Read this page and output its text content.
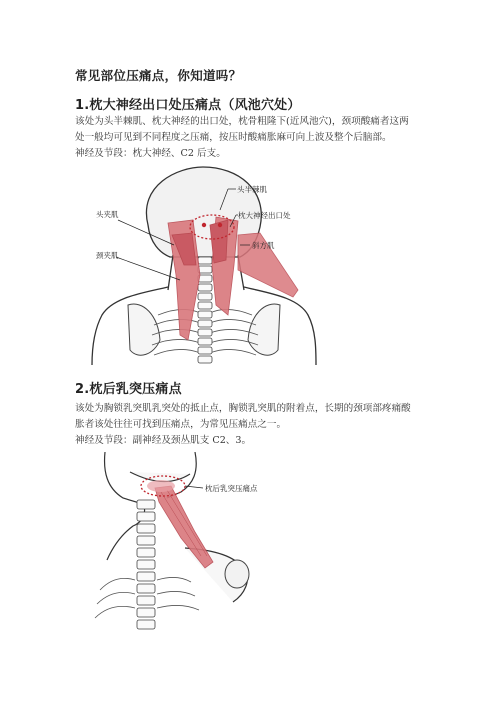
常见部位压痛点，你知道吗？
1.枕大神经出口处压痛点（风池穴处）
该处为头半棘肌、枕大神经的出口处，枕骨粗隆下(近风池穴)，颈项酸痛者这两
处一般均可见到不同程度之压痛，按压时酸痛胀麻可向上波及整个后脑部。
神经及节段：枕大神经、C2 后支。
头半棘肌
头夹肌	枕大神经出口处
颈夹肌
斜方肌
2.枕后乳突压痛点
该处为胸锁乳突肌乳突处的抵止点，胸锁乳突肌的附着点，长期的颈项部疼痛酸
胀者该处往往可找到压痛点，为常见压痛点之一。
神经及节段：副神经及颈丛肌支 C2、3。
枕后乳突压痛点
